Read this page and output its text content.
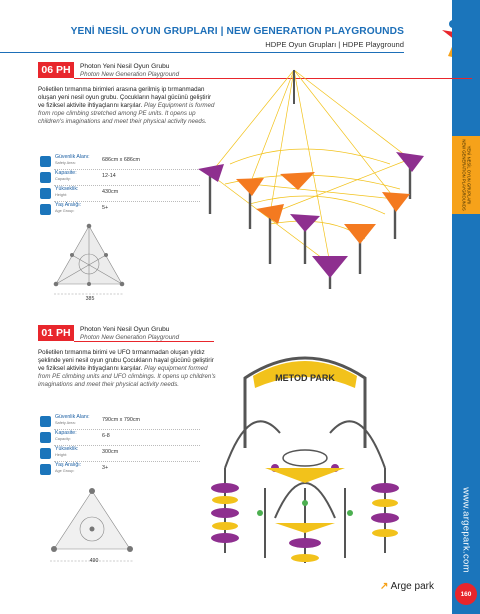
YENİ NESİL OYUN GRUPLARI | NEW GENERATION PLAYGROUNDS
HDPE Oyun Grupları | HDPE Playground
YENİ NESİL OYUN GRUPLARI
NEW GENERATION PLAYGROUNDS
www.argepark.com
160
06 PH	Photon Yeni Nesil Oyun Grubu
Photon New Generation Playground
Polietilen tırmanma birimleri arasına gerilmiş ip tırmanmadan oluşan yeni nesil oyun grubu. Çocukların hayal gücünü geliştirir ve fiziksel aktivite ihtiyaçlarını karşılar. Play Equipment is formed from rope climbing stretched among PE units. It opens up children's imaginations and meet their physical activity needs.
Güvenlik Alanı:
Safety Area:	686cm x 686cm
Kapasite:
Capacity:	12-14
Yükseklik:
Height:	430cm
Yaş Aralığı:
Age Group:	5+
385
01 PH	Photon Yeni Nesil Oyun Grubu
Photon New Generation Playground
Polietilen tırmanma birimi ve UFO tırmanmadan oluşan yıldız şeklinde yeni nesil oyun grubu Çocukların hayal gücünü geliştirir ve fiziksel aktivite ihtiyaçlarını karşılar. Play equipment formed from PE climbing units and UFO climbings. It opens up children's imaginations and meet their physical activity needs.
Güvenlik Alanı:
Safety Area:	790cm x 790cm
Kapasite:
Capacity:	6-8
Yükseklik:
Height:	300cm
Yaş Aralığı:
Age Group:	3+
490
METOD PARK
↗ Arge park
